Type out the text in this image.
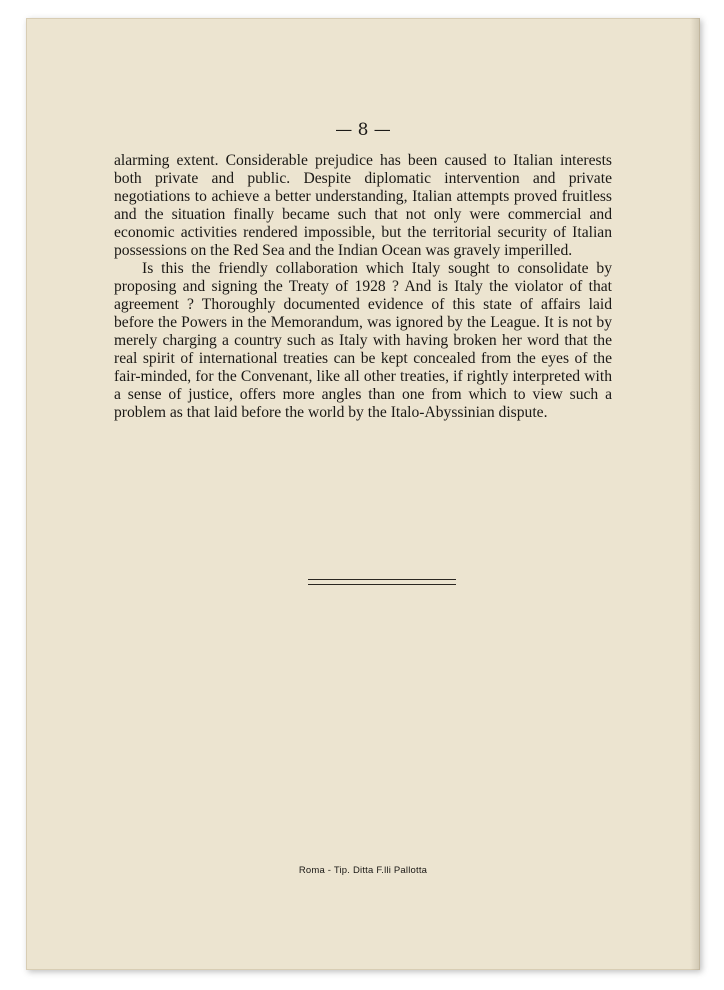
— 8 —

alarming extent. Considerable prejudice has been caused to Italian interests both private and public. Despite diplomatic intervention and private negotiations to achieve a better understanding, Italian attempts proved fruitless and the situation finally became such that not only were commercial and economic activities rendered impossible, but the territorial security of Italian possessions on the Red Sea and the Indian Ocean was gravely imperilled.

Is this the friendly collaboration which Italy sought to consolidate by proposing and signing the Treaty of 1928 ? And is Italy the violator of that agreement ? Thoroughly documented evidence of this state of affairs laid before the Powers in the Memorandum, was ignored by the League. It is not by merely charging a country such as Italy with having broken her word that the real spirit of international treaties can be kept concealed from the eyes of the fair-minded, for the Convenant, like all other treaties, if rightly interpreted with a sense of justice, offers more angles than one from which to view such a problem as that laid before the world by the Italo-Abyssinian dispute.

Roma - Tip. Ditta F.lli Pallotta
